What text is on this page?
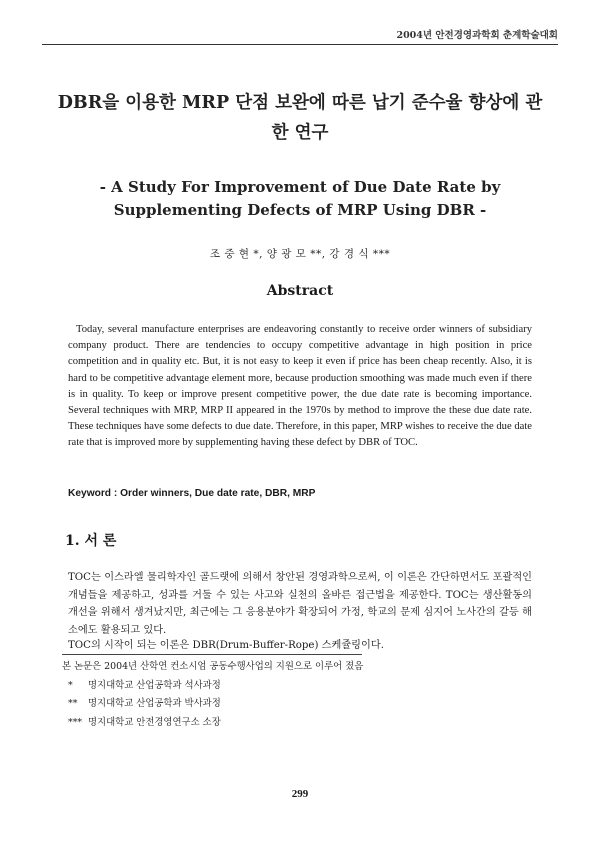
2004년 안전경영과학회 춘계학술대회
DBR을 이용한 MRP 단점 보완에 따른 납기 준수율 향상에 관한 연구
- A Study For Improvement of Due Date Rate by Supplementing Defects of MRP Using DBR -
조 중 현 *, 양 광 모 **, 강 경 식 ***
Abstract

Today, several manufacture enterprises are endeavoring constantly to receive order winners of subsidiary company product. There are tendencies to occupy competitive advantage in high position in price competition and in quality etc. But, it is not easy to keep it even if price has been cheap recently. Also, it is hard to be competitive advantage element more, because production smoothing was made much even if there is in quality. To keep or improve present competitive power, the due date rate is becoming importance. Several techniques with MRP, MRP II appeared in the 1970s by method to improve the these due date rate. These techniques have some defects to due date. Therefore, in this paper, MRP wishes to receive the due date rate that is improved more by supplementing having these defect by DBR of TOC.

Keyword : Order winners, Due date rate, DBR, MRP

1. 서 론

TOC는 이스라엘 물리학자인 골드랫에 의해서 창안된 경영과학으로써, 이 이론은 간단하면서도 포괄적인 개념들을 제공하고, 성과를 거둘 수 있는 사고와 실천의 올바른 접근법을 제공한다. TOC는 생산활동의 개선을 위해서 생겨났지만, 최근에는 그 응용분야가 확장되어 가정, 학교의 문제 심지어 노사간의 갈등 해소에도 활용되고 있다.

TOC의 시작이 되는 이론은 DBR(Drum-Buffer-Rope) 스케쥴링이다.

본 논문은 2004년 산학연 컨소시엄 공동수행사업의 지원으로 이루어 졌음
*	명지대학교 산업공학과 석사과정
**	명지대학교 산업공학과 박사과정
*** 명지대학교 안전경영연구소 소장
299
